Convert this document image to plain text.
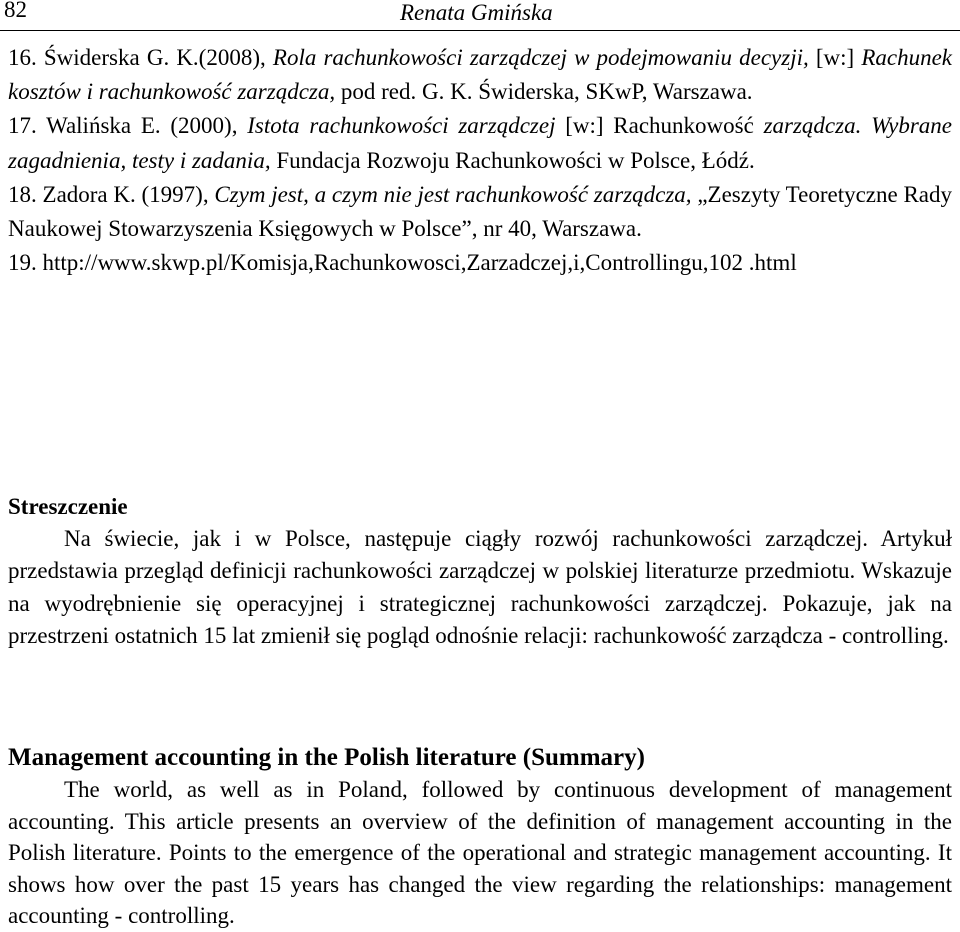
82	Renata Gmińska
16. Świderska G. K.(2008), Rola rachunkowości zarządczej w podejmowaniu decyzji, [w:] Rachunek kosztów i rachunkowość zarządcza, pod red. G. K. Świderska, SKwP, Warszawa.
17. Walińska E. (2000), Istota rachunkowości zarządczej [w:] Rachunkowość zarządcza. Wybrane zagadnienia, testy i zadania, Fundacja Rozwoju Rachunkowości w Polsce, Łódź.
18. Zadora K. (1997), Czym jest, a czym nie jest rachunkowość zarządcza, „Zeszyty Teoretyczne Rady Naukowej Stowarzyszenia Księgowych w Polsce”, nr 40, Warszawa.
19. http://www.skwp.pl/Komisja,Rachunkowosci,Zarzadczej,i,Controllingu,102 .html
Streszczenie
Na świecie, jak i w Polsce, następuje ciągły rozwój rachunkowości zarządczej. Artykuł przedstawia przegląd definicji rachunkowości zarządczej w polskiej literaturze przedmiotu. Wskazuje na wyodrębnienie się operacyjnej i strategicznej rachunkowości zarządczej. Pokazuje, jak na przestrzeni ostatnich 15 lat zmienił się pogląd odnośnie relacji: rachunkowość zarządcza - controlling.
Management accounting in the Polish literature (Summary)
The world, as well as in Poland, followed by continuous development of management accounting. This article presents an overview of the definition of management accounting in the Polish literature. Points to the emergence of the operational and strategic management accounting. It shows how over the past 15 years has changed the view regarding the relationships: management accounting - controlling.
